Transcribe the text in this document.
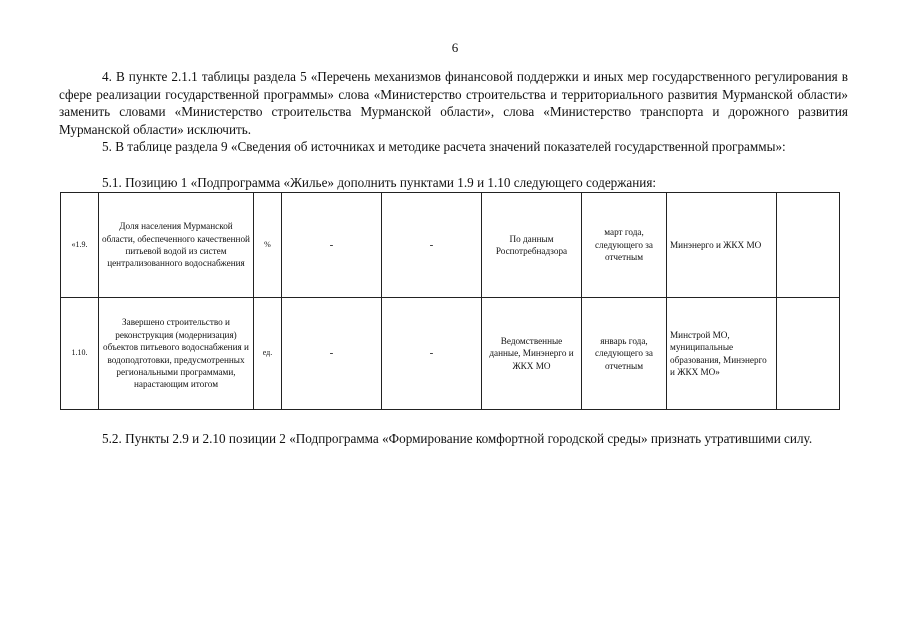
6
4. В пункте 2.1.1 таблицы раздела 5 «Перечень механизмов финансовой поддержки и иных мер государственного регулирования в сфере реализации государственной программы» слова «Министерство строительства и территориального развития Мурманской области» заменить словами «Министерство строительства Мурманской области», слова «Министерство транспорта и дорожного развития Мурманской области» исключить.
5. В таблице раздела 9 «Сведения об источниках и методике расчета значений показателей государственной программы»:
5.1. Позицию 1 «Подпрограмма «Жилье» дополнить пунктами 1.9 и 1.10 следующего содержания:
«1.9.	Доля населения Мурманской области, обеспеченного качественной питьевой водой из систем централизованного водоснабжения	%	-	-	По данным Роспотребнадзора	март года, следующего за отчетным	Минэнерго и ЖКХ МО	
1.10.	Завершено строительство и реконструкция (модернизация) объектов питьевого водоснабжения и водоподготовки, предусмотренных региональными программами, нарастающим итогом	ед.	-	-	Ведомственные данные, Минэнерго и ЖКХ МО	январь года, следующего за отчетным	Минстрой МО, муниципальные образования, Минэнерго и ЖКХ МО»	
5.2. Пункты 2.9 и 2.10 позиции 2 «Подпрограмма «Формирование комфортной городской среды» признать утратившими силу.
